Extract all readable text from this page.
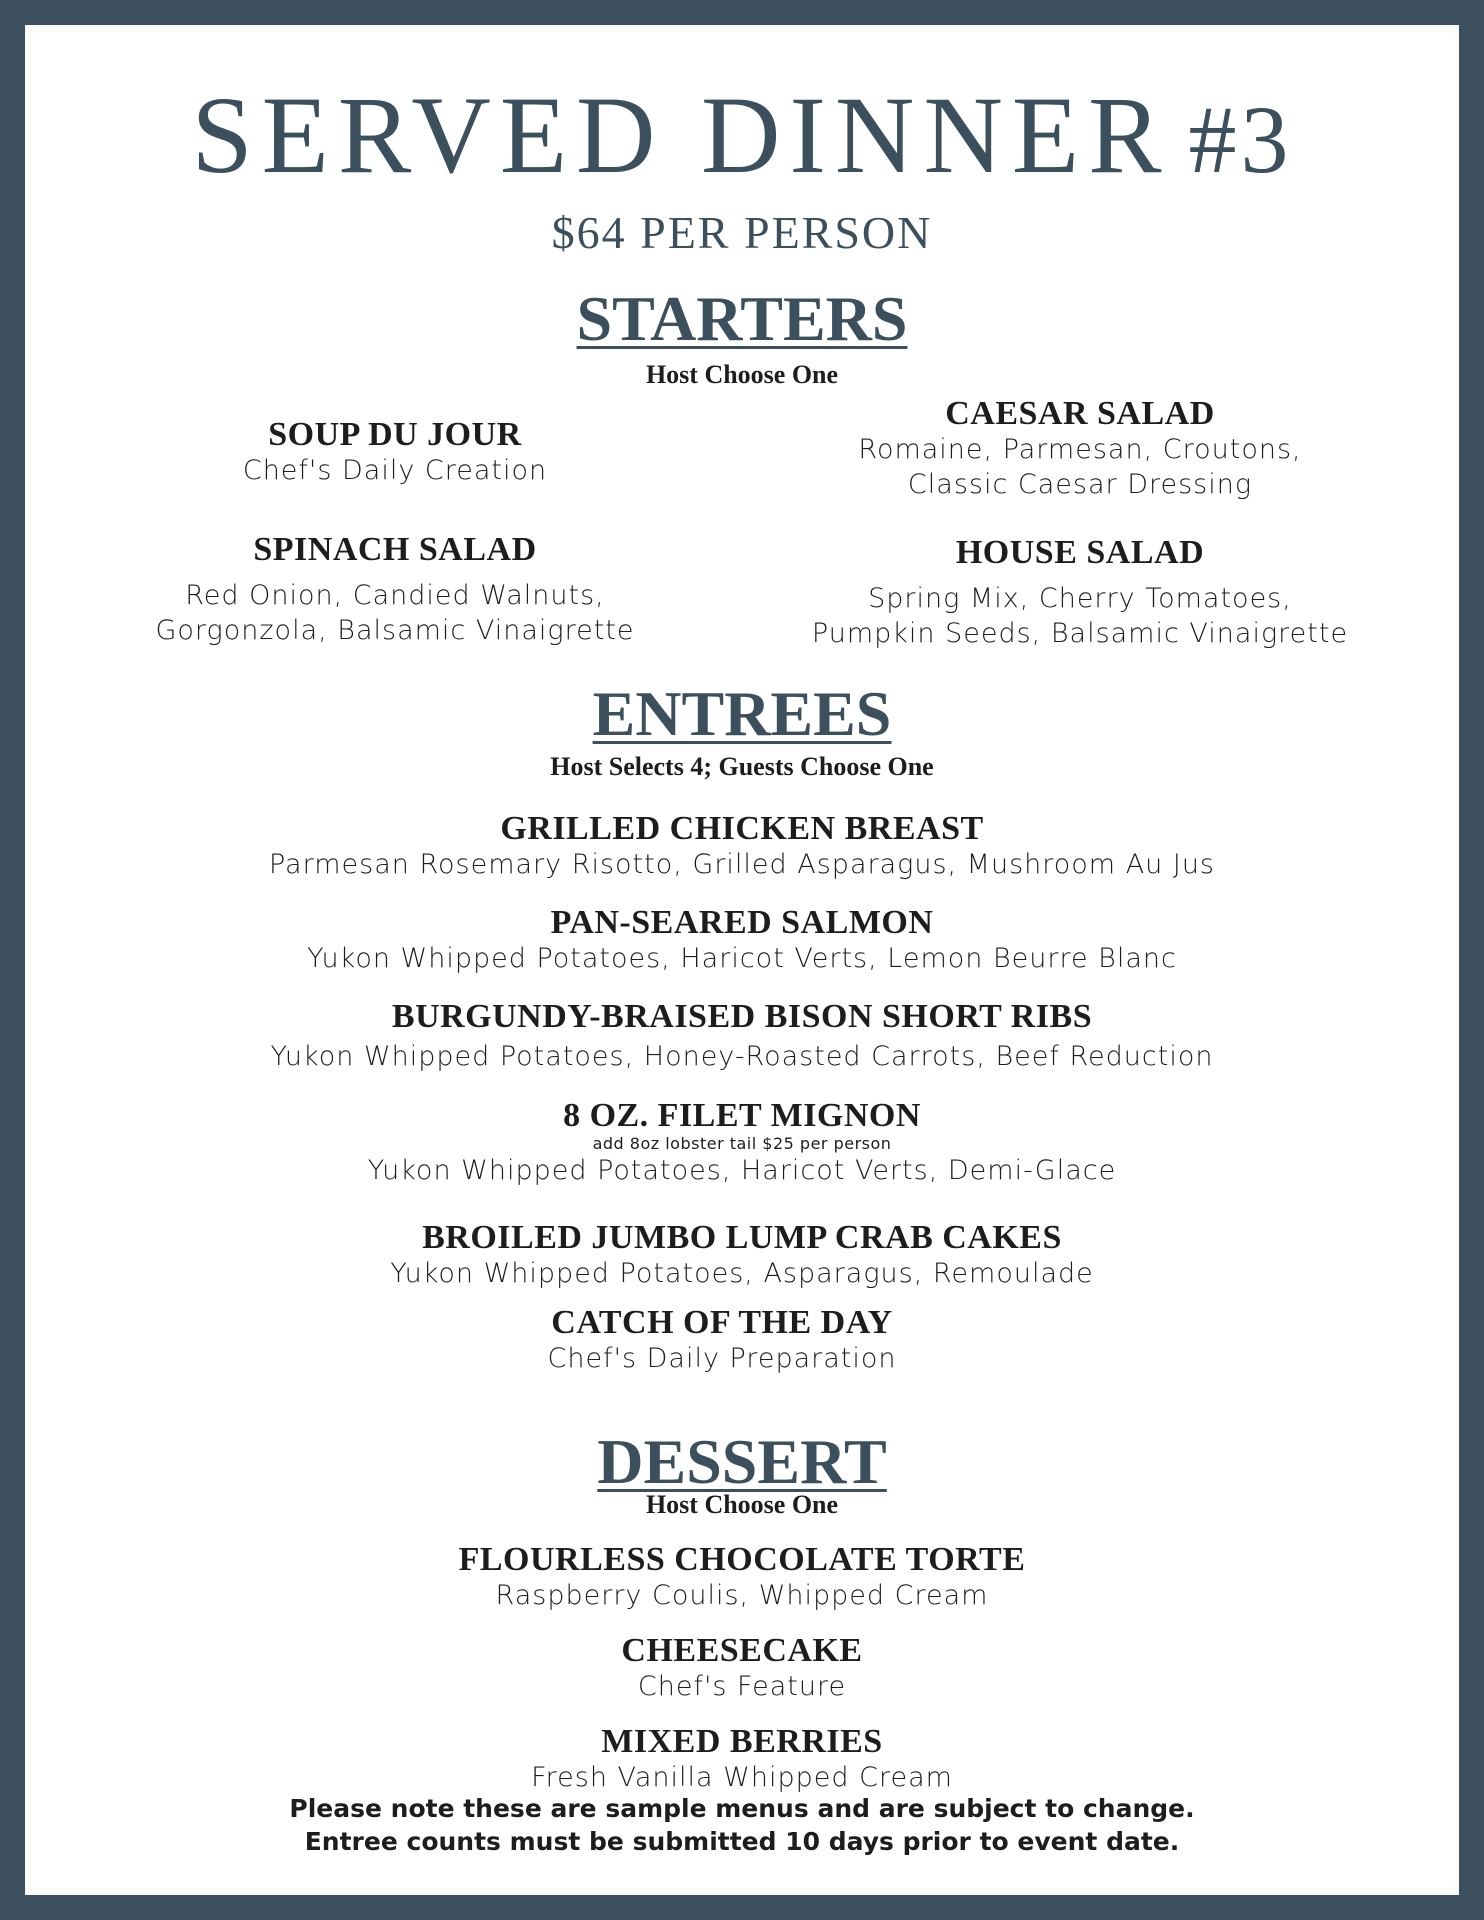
SERVED DINNER #3
$64 PER PERSON
STARTERS
Host Choose One
SOUP DU JOUR
Chef's Daily Creation
CAESAR SALAD
Romaine, Parmesan, Croutons,
Classic Caesar Dressing
SPINACH SALAD
Red Onion, Candied Walnuts,
Gorgonzola, Balsamic Vinaigrette
HOUSE SALAD
Spring Mix, Cherry Tomatoes,
Pumpkin Seeds, Balsamic Vinaigrette
ENTREES
Host Selects 4; Guests Choose One
GRILLED CHICKEN BREAST
Parmesan Rosemary Risotto, Grilled Asparagus, Mushroom Au Jus
PAN-SEARED SALMON
Yukon Whipped Potatoes, Haricot Verts, Lemon Beurre Blanc
BURGUNDY-BRAISED BISON SHORT RIBS
Yukon Whipped Potatoes, Honey-Roasted Carrots, Beef Reduction
8 OZ. FILET MIGNON
add 8oz lobster tail $25 per person
Yukon Whipped Potatoes, Haricot Verts, Demi-Glace
BROILED JUMBO LUMP CRAB CAKES
Yukon Whipped Potatoes, Asparagus, Remoulade
CATCH OF THE DAY
Chef's Daily Preparation
DESSERT
Host Choose One
FLOURLESS CHOCOLATE TORTE
Raspberry Coulis, Whipped Cream
CHEESECAKE
Chef's Feature
MIXED BERRIES
Fresh Vanilla Whipped Cream
Please note these are sample menus and are subject to change.
Entree counts must be submitted 10 days prior to event date.
